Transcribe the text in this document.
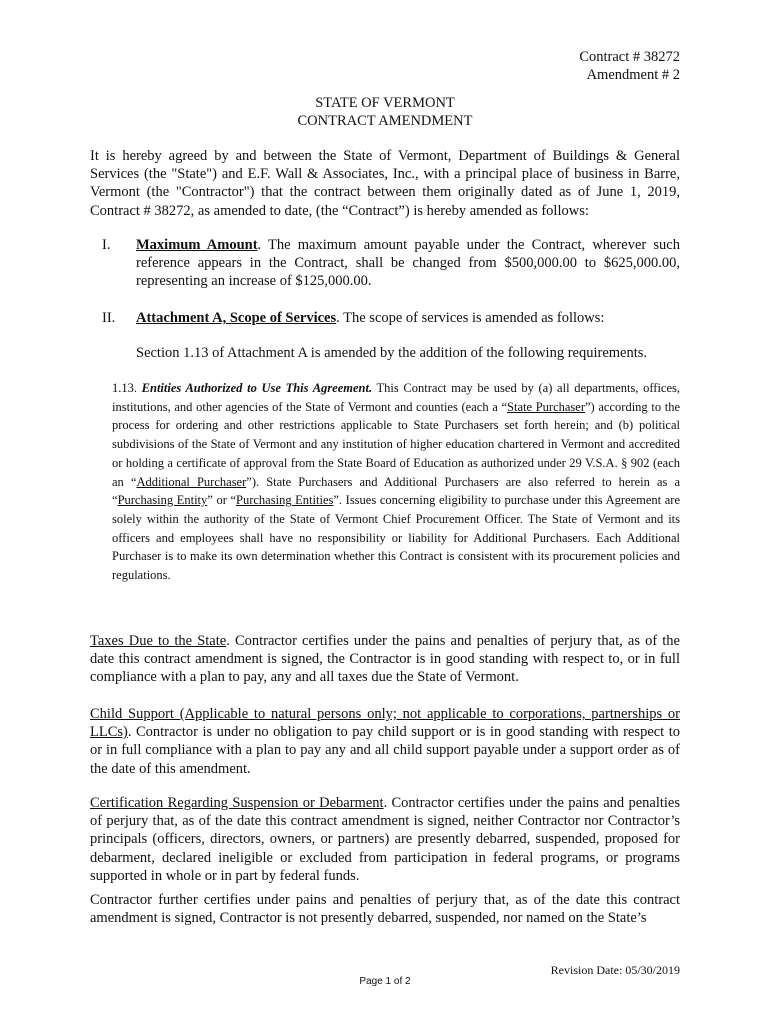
Contract # 38272
Amendment # 2
STATE OF VERMONT
CONTRACT AMENDMENT
It is hereby agreed by and between the State of Vermont, Department of Buildings & General Services (the "State") and E.F. Wall & Associates, Inc., with a principal place of business in Barre, Vermont (the "Contractor") that the contract between them originally dated as of June 1, 2019, Contract # 38272, as amended to date, (the “Contract”) is hereby amended as follows:
I. Maximum Amount. The maximum amount payable under the Contract, wherever such reference appears in the Contract, shall be changed from $500,000.00 to $625,000.00, representing an increase of $125,000.00.
II. Attachment A, Scope of Services. The scope of services is amended as follows:
Section 1.13 of Attachment A is amended by the addition of the following requirements.
1.13. Entities Authorized to Use This Agreement. This Contract may be used by (a) all departments, offices, institutions, and other agencies of the State of Vermont and counties (each a “State Purchaser”) according to the process for ordering and other restrictions applicable to State Purchasers set forth herein; and (b) political subdivisions of the State of Vermont and any institution of higher education chartered in Vermont and accredited or holding a certificate of approval from the State Board of Education as authorized under 29 V.S.A. § 902 (each an “Additional Purchaser”). State Purchasers and Additional Purchasers are also referred to herein as a “Purchasing Entity” or “Purchasing Entities”. Issues concerning eligibility to purchase under this Agreement are solely within the authority of the State of Vermont Chief Procurement Officer. The State of Vermont and its officers and employees shall have no responsibility or liability for Additional Purchasers. Each Additional Purchaser is to make its own determination whether this Contract is consistent with its procurement policies and regulations.
Taxes Due to the State. Contractor certifies under the pains and penalties of perjury that, as of the date this contract amendment is signed, the Contractor is in good standing with respect to, or in full compliance with a plan to pay, any and all taxes due the State of Vermont.
Child Support (Applicable to natural persons only; not applicable to corporations, partnerships or LLCs). Contractor is under no obligation to pay child support or is in good standing with respect to or in full compliance with a plan to pay any and all child support payable under a support order as of the date of this amendment.
Certification Regarding Suspension or Debarment. Contractor certifies under the pains and penalties of perjury that, as of the date this contract amendment is signed, neither Contractor nor Contractor’s principals (officers, directors, owners, or partners) are presently debarred, suspended, proposed for debarment, declared ineligible or excluded from participation in federal programs, or programs supported in whole or in part by federal funds.
Contractor further certifies under pains and penalties of perjury that, as of the date this contract amendment is signed, Contractor is not presently debarred, suspended, nor named on the State’s
Revision Date: 05/30/2019
Page 1 of 2
